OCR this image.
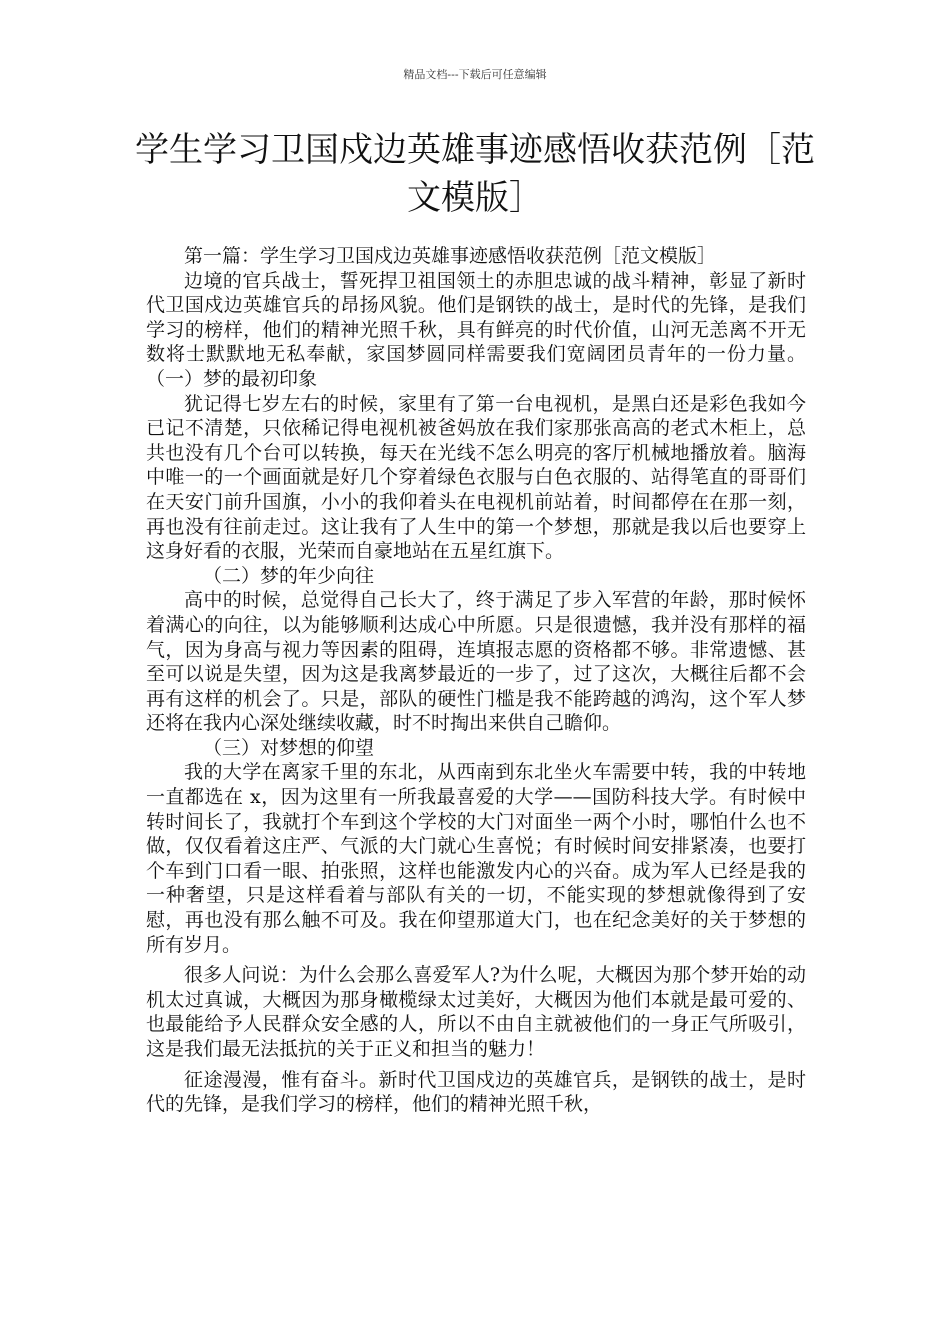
精品文档---下载后可任意编辑
学生学习卫国戍边英雄事迹感悟收获范例［范文模版］

第一篇：学生学习卫国戍边英雄事迹感悟收获范例［范文模版］

边境的官兵战士，誓死捍卫祖国领土的赤胆忠诚的战斗精神，彰显了新时代卫国戍边英雄官兵的昂扬风貌。他们是钢铁的战士，是时代的先锋，是我们学习的榜样，他们的精神光照千秋，具有鲜亮的时代价值，山河无恙离不开无数将士默默地无私奉献，家国梦圆同样需要我们宽阔团员青年的一份力量。（一）梦的最初印象

犹记得七岁左右的时候，家里有了第一台电视机，是黑白还是彩色我如今已记不清楚，只依稀记得电视机被爸妈放在我们家那张高高的老式木柜上，总共也没有几个台可以转换，每天在光线不怎么明亮的客厅机械地播放着。脑海中唯一的一个画面就是好几个穿着绿色衣服与白色衣服的、站得笔直的哥哥们在天安门前升国旗，小小的我仰着头在电视机前站着，时间都停在在那一刻，再也没有往前走过。这让我有了人生中的第一个梦想，那就是我以后也要穿上这身好看的衣服，光荣而自豪地站在五星红旗下。

（二）梦的年少向往

高中的时候，总觉得自己长大了，终于满足了步入军营的年龄，那时候怀着满心的向往，以为能够顺利达成心中所愿。只是很遗憾，我并没有那样的福气，因为身高与视力等因素的阻碍，连填报志愿的资格都不够。非常遗憾、甚至可以说是失望，因为这是我离梦最近的一步了，过了这次，大概往后都不会再有这样的机会了。只是，部队的硬性门槛是我不能跨越的鸿沟，这个军人梦还将在我内心深处继续收藏，时不时掏出来供自己瞻仰。

（三）对梦想的仰望

我的大学在离家千里的东北，从西南到东北坐火车需要中转，我的中转地一直都选在 x，因为这里有一所我最喜爱的大学——国防科技大学。有时候中转时间长了，我就打个车到这个学校的大门对面坐一两个小时，哪怕什么也不做，仅仅看着这庄严、气派的大门就心生喜悦；有时候时间安排紧凑，也要打个车到门口看一眼、拍张照，这样也能激发内心的兴奋。成为军人已经是我的一种奢望，只是这样看着与部队有关的一切，不能实现的梦想就像得到了安慰，再也没有那么触不可及。我在仰望那道大门，也在纪念美好的关于梦想的所有岁月。

很多人问说：为什么会那么喜爱军人?为什么呢，大概因为那个梦开始的动机太过真诚，大概因为那身橄榄绿太过美好，大概因为他们本就是最可爱的、也最能给予人民群众安全感的人，所以不由自主就被他们的一身正气所吸引，这是我们最无法抵抗的关于正义和担当的魅力！

征途漫漫，惟有奋斗。新时代卫国戍边的英雄官兵，是钢铁的战士，是时代的先锋，是我们学习的榜样，他们的精神光照千秋，
